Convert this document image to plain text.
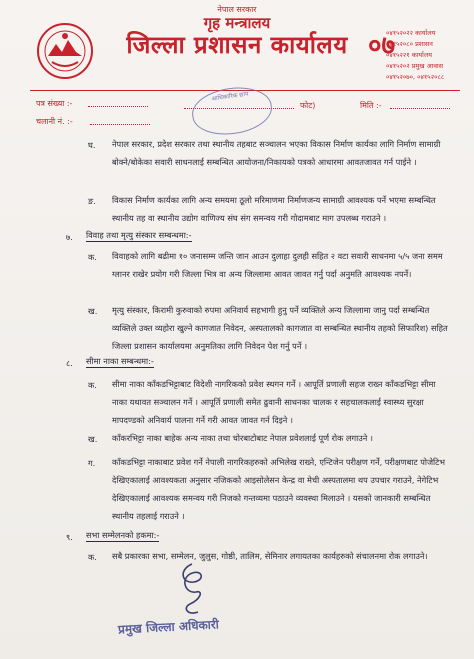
नेपाल सरकार
गृह मन्त्रालय
जिल्ला प्रशासन कार्यालय ०७
०४१५२०२२ कार्यालय
०४१५२०८० प्रशासन
०४१५२२१ कार्यालय
०४१५२०२ प्रमुख आवास
०४१५२०७०, ०४१५२०८८
पत्र संख्या :-
चलानी नं. :-
फोट)	मिति :-
आधिकारिक छाप
घ. नेपाल सरकार, प्रदेश सरकार तथा स्थानीय तहबाट सञ्चालन भएका विकास निर्माण कार्यका लागि निर्माण सामाग्री बोक्ने/बोकेका सवारी साधनलाई सम्बन्धित आयोजना/निकायको पत्रको आधारमा आवतजावत गर्न पाईने ।
ङ. विकास निर्माण कार्यका लागि अन्य समयमा ठूलो मरिमाणमा निर्माणजन्य सामाग्री आवश्यक पर्ने भएमा सम्बन्धित स्थानीय तह वा स्थानीय उद्योग वाणिज्य संघ संग समन्वय गरी गोदामबाट माग उपलब्ध गराउने ।
७. विवाह तथा मृत्यु संस्कार सम्बन्धमा:-
क. विवाहको लागि बढीमा १० जनासम्म जन्ति जान आउन दुलाहा दुलही सहित २ वटा सवारी साधनमा ५/५ जना समम ग्लानर राखेर प्रयोग गरी जिल्ला भित्र वा अन्य जिल्लामा आवत जावत गर्नु पर्दा अनुमति आवश्यक नपर्ने।
ख. मृत्यु संस्कार, किरामी कुरुवाको रुपमा अनिवार्य सहभागी हुनु पर्ने व्यक्तिले अन्य जिल्लामा जानु पर्दा सम्बन्धित व्यक्तिले उक्त व्यहोरा खुल्ने कागजात निवेदन, अस्पतालको कागजात वा सम्बन्धित स्थानीय तहको सिफारिश) सहित जिल्ला प्रशासन कार्यालयमा अनुमतिका लागि निवेदन पेश गर्नु पर्ने ।
८. सीमा नाका सम्बन्धमा:-
क. सीमा नाका काँकडभिट्टाबाट विदेशी नागरिकको प्रवेश स्थगन गर्ने । आपूर्ति प्रणाली सहज राख्न काँकडभिट्टा सीमा नाका यथावत सञ्चालन गर्ने । आपूर्ति प्रणाली समेत ढुवानी साधनका चालक र सहचालकलाई स्वास्थ्य सुरक्षा मापदण्डको अनिवार्य पालना गर्ने गरी आवत जावत गर्न दिइने ।
ख. काँकरभिट्टा नाका बाहेक अन्य नाका तथा चोरबाटोबाट नेपाल प्रवेशलाई पूर्ण रोक लगाउने ।
ग. काँकडभिट्टा नाकाबाट प्रवेश गर्ने नेपाली नागरिकहरुको अभिलेख राख्ने, एन्टिजेन परीक्षण गर्ने, परीक्षणबाट पोजेटिभ देखिएकालाई आवश्यकता अनुसार नजिकको आइसोलेसन केन्द्र वा मेची अस्पतालमा थप उपचार गराउने, नेगेटिभ देखिएकालाई आवश्यक समन्वय गरी निजको गन्तव्यमा पठाउने व्यवस्था मिलाउने । यसको जानकारी सम्बन्धित स्थानीय तहलाई गराउने ।
९. सभा सम्मेलनको हकमा:-
क. सबै प्रकारका सभा, सम्मेलन, जुलुस, गोष्ठी, तालिम, सेमिनार लगायतका कार्यहरुको संचालनमा रोक लगाउने।
प्रमुख जिल्ला अधिकारी
